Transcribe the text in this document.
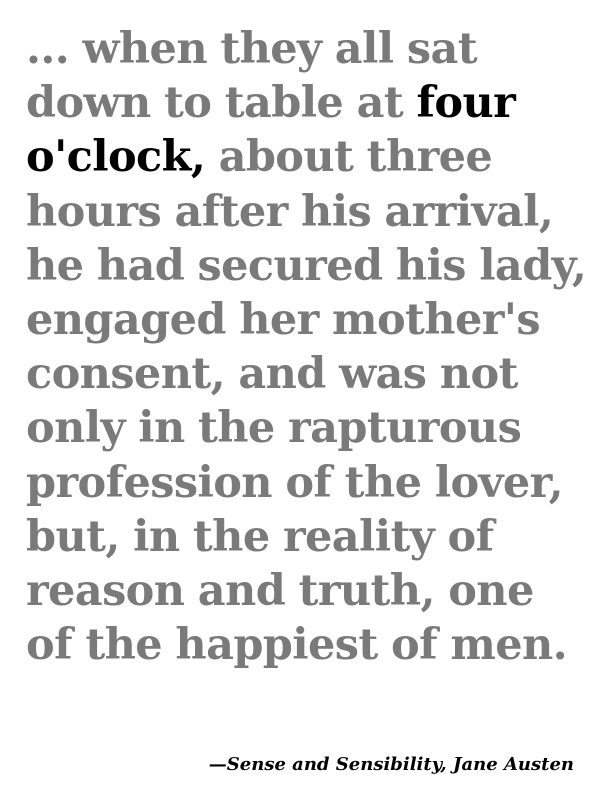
... when they all sat
down to table at four
o'clock, about three
hours after his arrival,
he had secured his lady,
engaged her mother's
consent, and was not
only in the rapturous
profession of the lover,
but, in the reality of
reason and truth, one
of the happiest of men.

—Sense and Sensibility, Jane Austen
